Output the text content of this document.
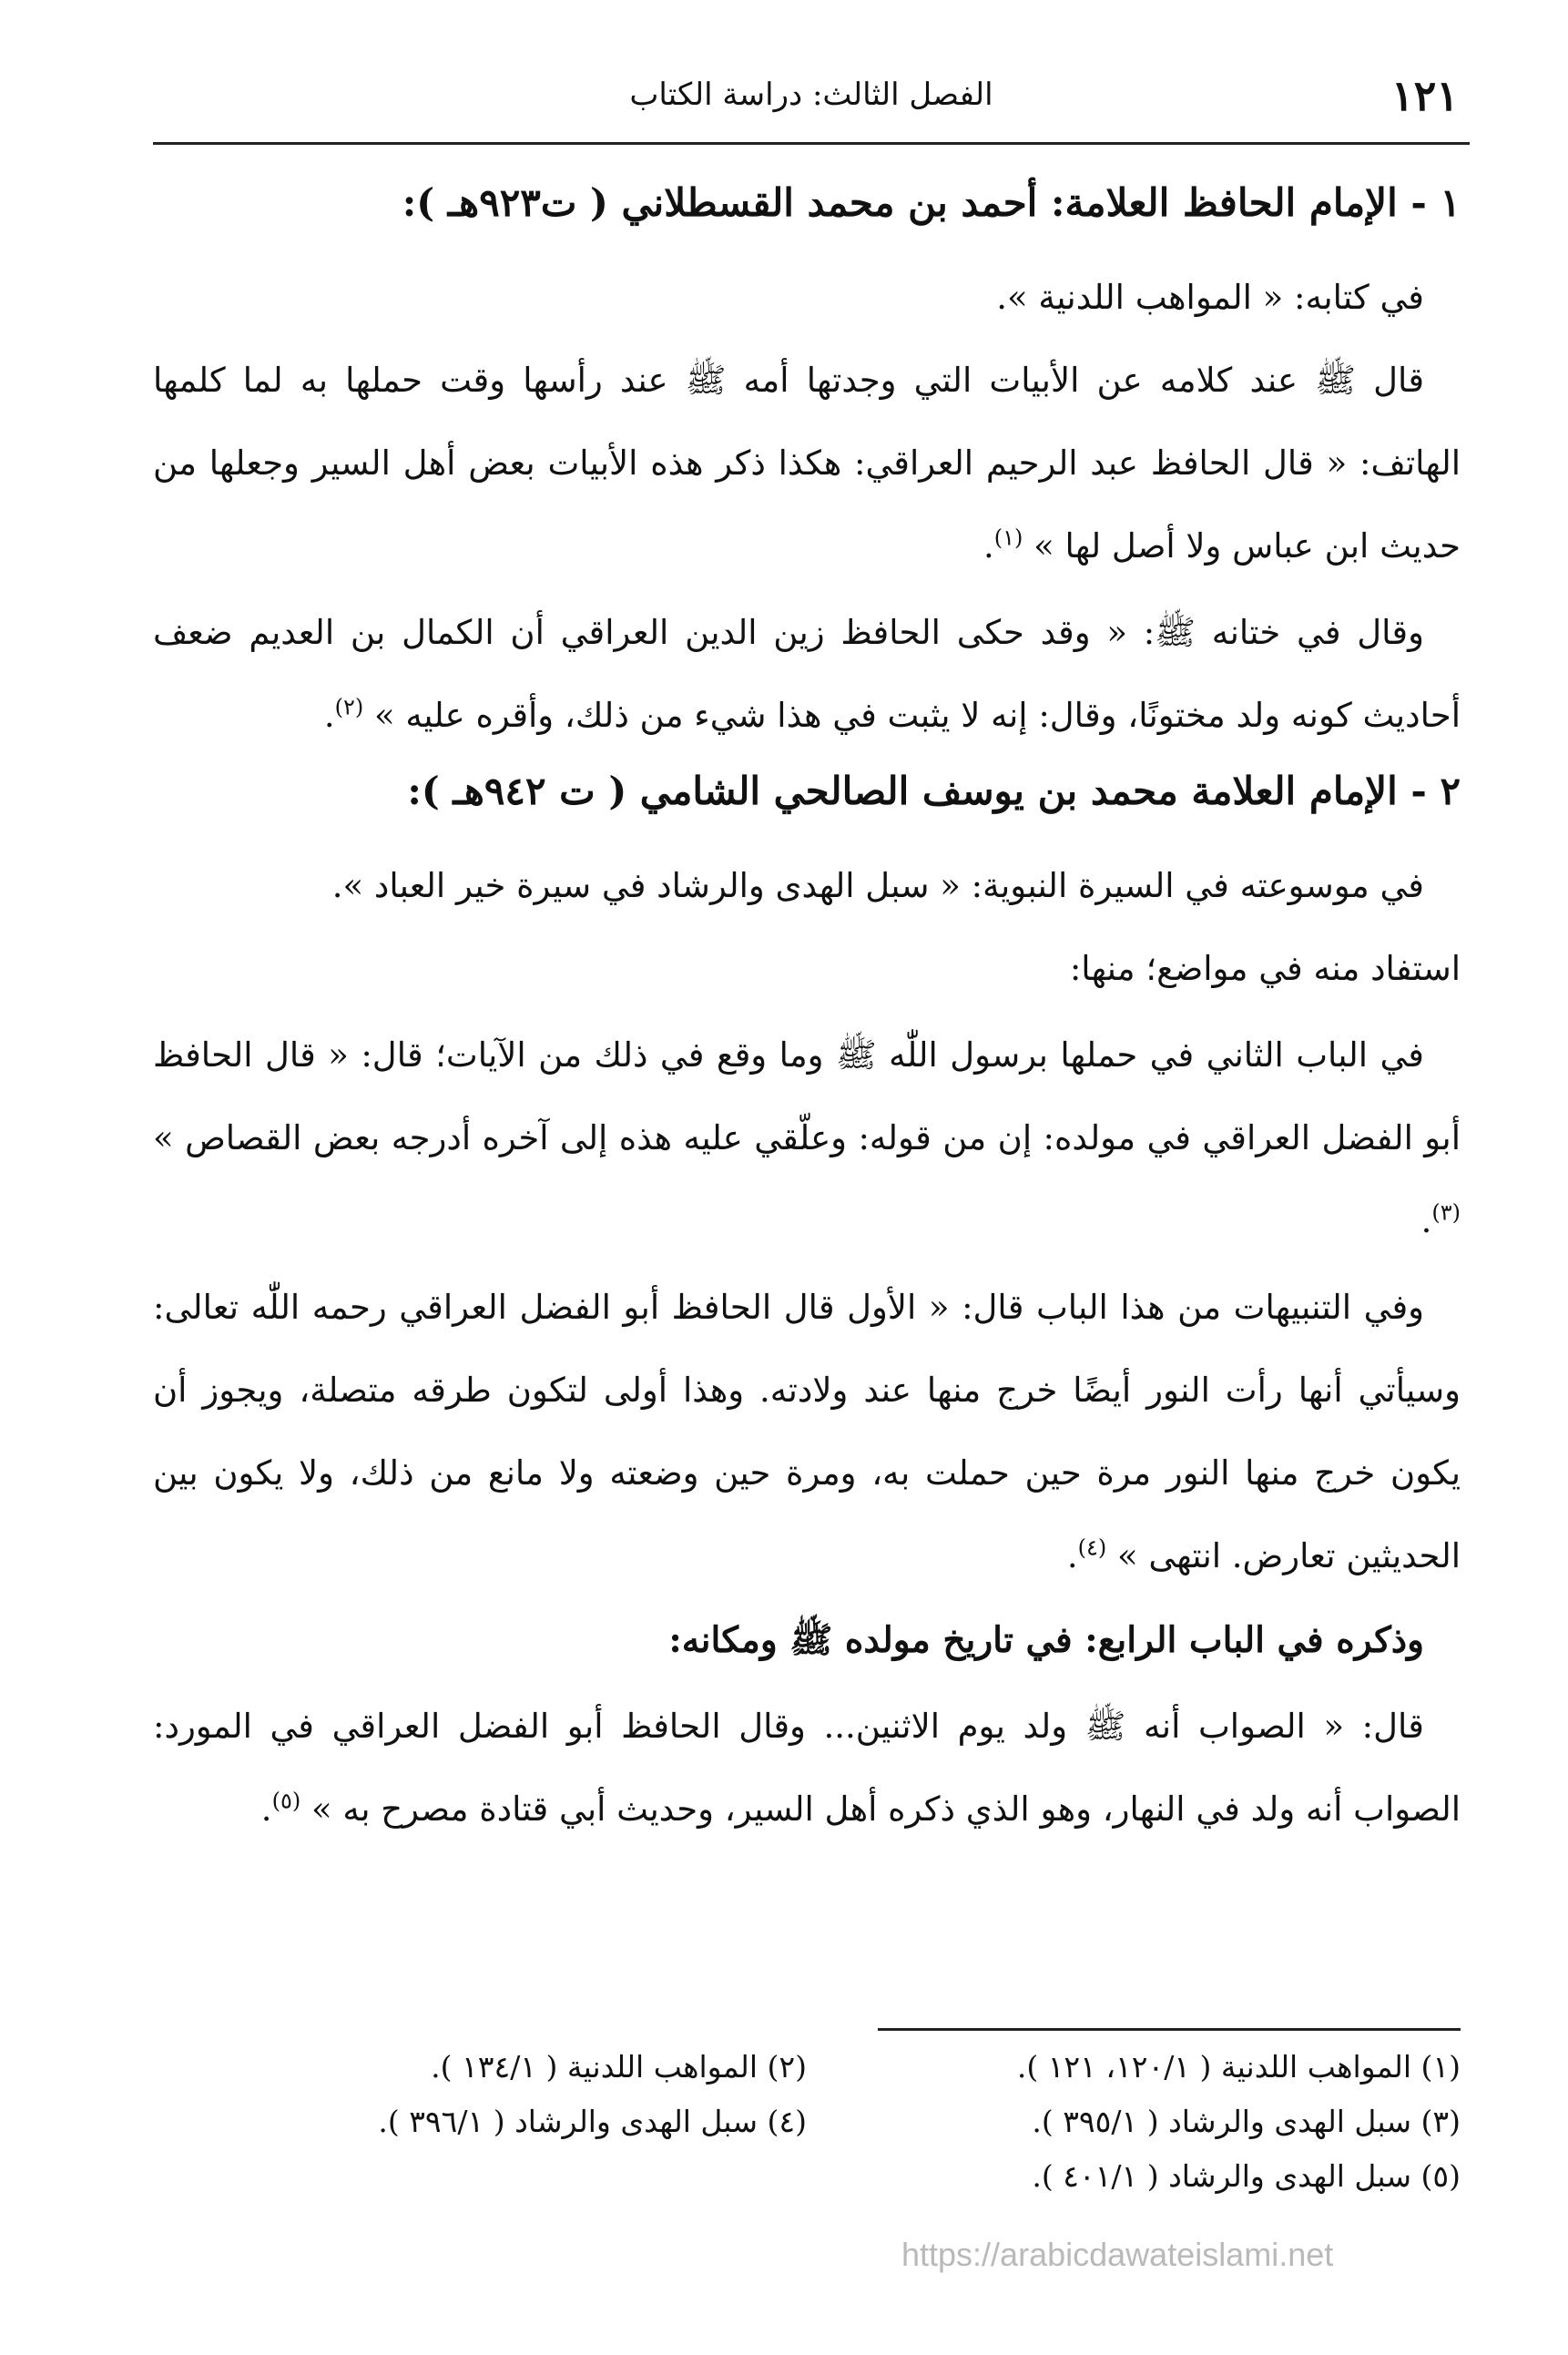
١٢١
الفصل الثالث: دراسة الكتاب
١ - الإمام الحافظ العلامة: أحمد بن محمد القسطلاني ( ت٩٢٣هـ ):

في كتابه: « المواهب اللدنية ».

قال ﷺ عند كلامه عن الأبيات التي وجدتها أمه ﷺ عند رأسها وقت حملها به لما كلمها الهاتف: « قال الحافظ عبد الرحيم العراقي: هكذا ذكر هذه الأبيات بعض أهل السير وجعلها من حديث ابن عباس ولا أصل لها » $^{(١)}$.

وقال في ختانه ﷺ: « وقد حكى الحافظ زين الدين العراقي أن الكمال بن العديم ضعف أحاديث كونه ولد مختونًا، وقال: إنه لا يثبت في هذا شيء من ذلك، وأقره عليه » $^{(٢)}$.

٢ - الإمام العلامة محمد بن يوسف الصالحي الشامي ( ت ٩٤٢هـ ):

في موسوعته في السيرة النبوية: « سبل الهدى والرشاد في سيرة خير العباد ».

استفاد منه في مواضع؛ منها:

في الباب الثاني في حملها برسول اللّٰه ﷺ وما وقع في ذلك من الآيات؛ قال: « قال الحافظ أبو الفضل العراقي في مولده: إن من قوله: وعلّقي عليه هذه إلى آخره أدرجه بعض القصاص » $^{(٣)}$.

وفي التنبيهات من هذا الباب قال: « الأول قال الحافظ أبو الفضل العراقي رحمه اللّٰه تعالى: وسيأتي أنها رأت النور أيضًا خرج منها عند ولادته. وهذا أولى لتكون طرقه متصلة، ويجوز أن يكون خرج منها النور مرة حين حملت به، ومرة حين وضعته ولا مانع من ذلك، ولا يكون بين الحديثين تعارض. انتهى » $^{(٤)}$.

وذكره في الباب الرابع: في تاريخ مولده ﷺ ومكانه:

قال: « الصواب أنه ﷺ ولد يوم الاثنين... وقال الحافظ أبو الفضل العراقي في المورد: الصواب أنه ولد في النهار، وهو الذي ذكره أهل السير، وحديث أبي قتادة مصرح به » $^{(٥)}$.

(١) المواهب اللدنية ( ١٢٠/١، ١٢١ ).
(٢) المواهب اللدنية ( ١٣٤/١ ).
(٣) سبل الهدى والرشاد ( ٣٩٥/١ ).
(٤) سبل الهدى والرشاد ( ٣٩٦/١ ).
(٥) سبل الهدى والرشاد ( ٤٠١/١ ).
https://arabicdawateislami.net
